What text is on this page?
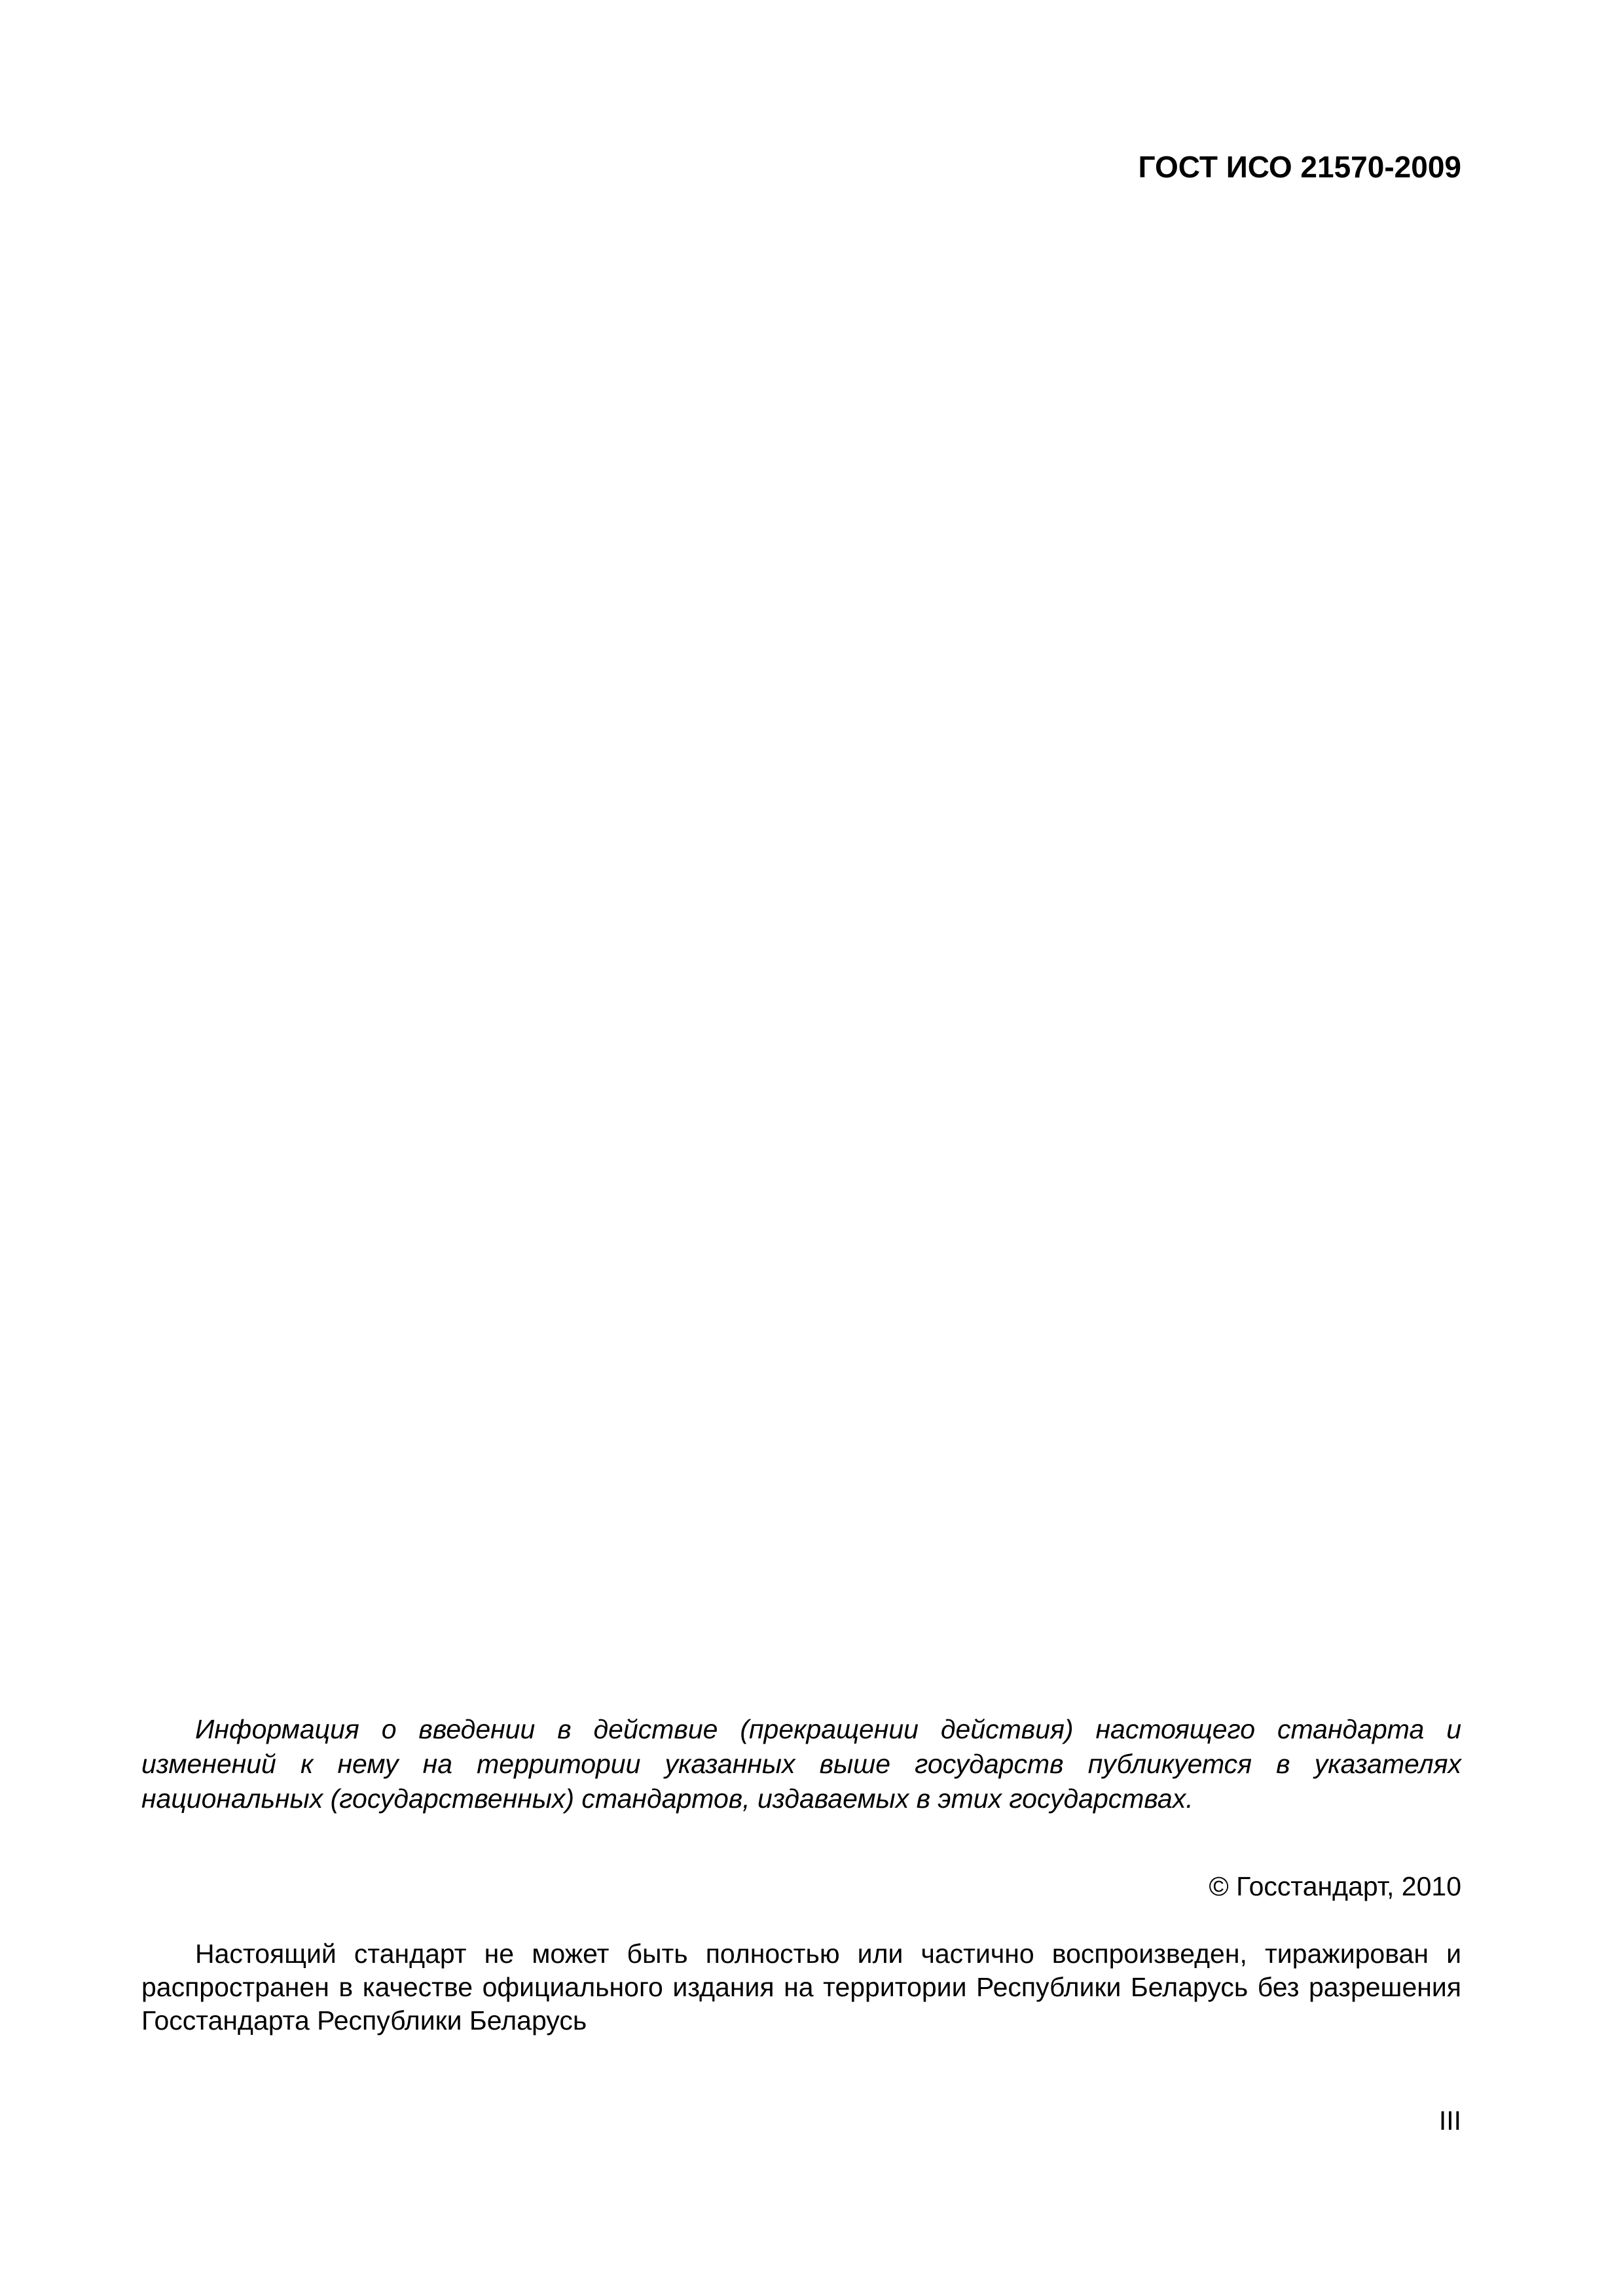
ГОСТ ИСО 21570-2009

Информация о введении в действие (прекращении действия) настоящего стандарта и изменений к нему на территории указанных выше государств публикуется в указателях национальных (государственных) стандартов, издаваемых в этих государствах.

© Госстандарт, 2010

Настоящий стандарт не может быть полностью или частично воспроизведен, тиражирован и распространен в качестве официального издания на территории Республики Беларусь без разрешения Госстандарта Республики Беларусь

III
